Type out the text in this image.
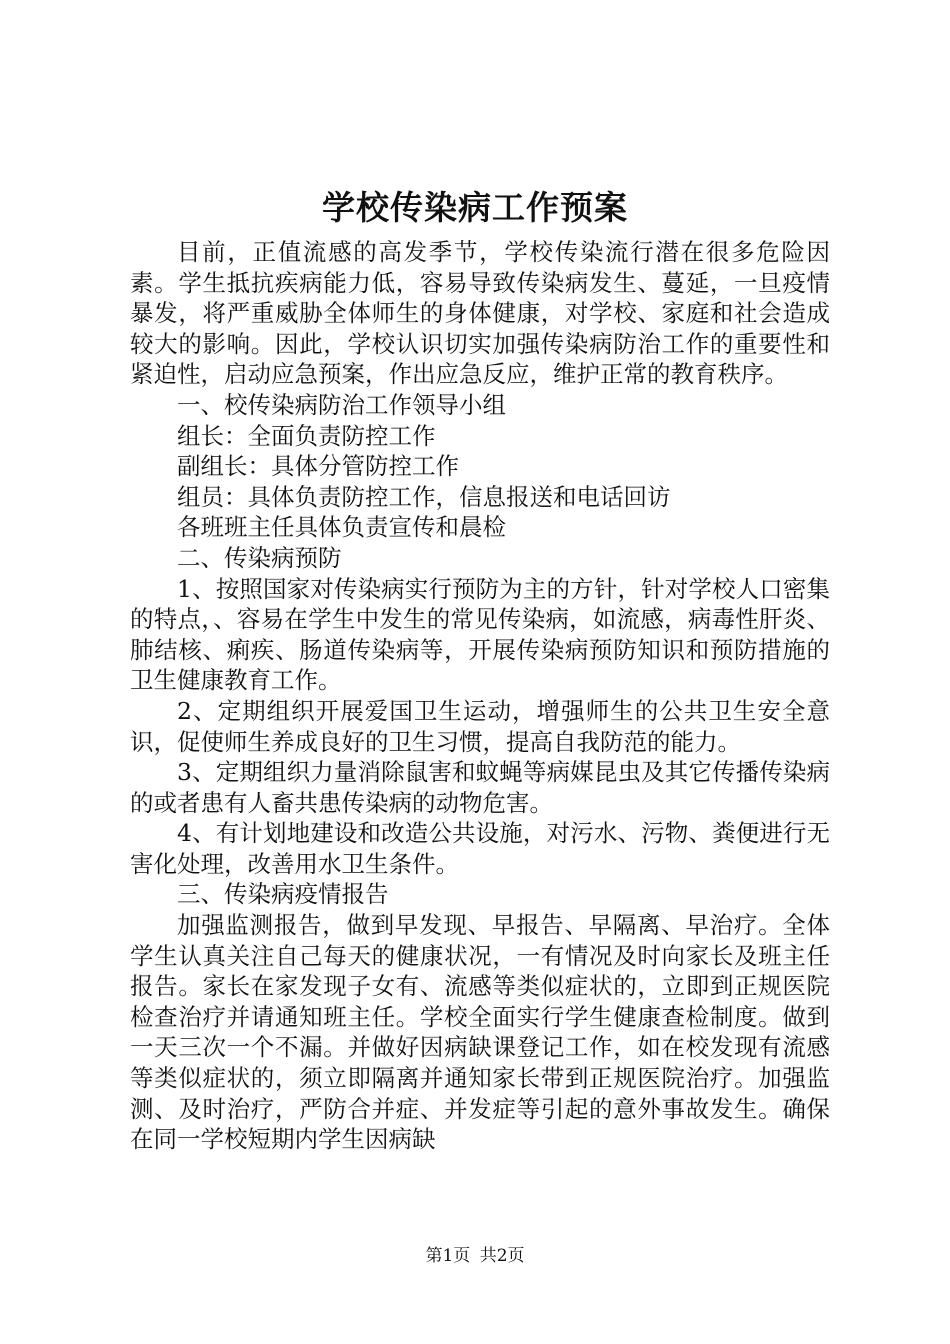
学校传染病工作预案

目前，正值流感的高发季节，学校传染流行潜在很多危险因素。学生抵抗疾病能力低，容易导致传染病发生、蔓延，一旦疫情暴发，将严重威胁全体师生的身体健康，对学校、家庭和社会造成较大的影响。因此，学校认识切实加强传染病防治工作的重要性和紧迫性，启动应急预案，作出应急反应，维护正常的教育秩序。

一、校传染病防治工作领导小组

组长：全面负责防控工作

副组长：具体分管防控工作

组员：具体负责防控工作，信息报送和电话回访

各班班主任具体负责宣传和晨检

二、传染病预防

1、按照国家对传染病实行预防为主的方针，针对学校人口密集的特点，、容易在学生中发生的常见传染病，如流感，病毒性肝炎、肺结核、痢疾、肠道传染病等，开展传染病预防知识和预防措施的卫生健康教育工作。

2、定期组织开展爱国卫生运动，增强师生的公共卫生安全意识，促使师生养成良好的卫生习惯，提高自我防范的能力。

3、定期组织力量消除鼠害和蚊蝇等病媒昆虫及其它传播传染病的或者患有人畜共患传染病的动物危害。

4、有计划地建设和改造公共设施，对污水、污物、粪便进行无害化处理，改善用水卫生条件。

三、传染病疫情报告

加强监测报告，做到早发现、早报告、早隔离、早治疗。全体学生认真关注自己每天的健康状况，一有情况及时向家长及班主任报告。家长在家发现子女有、流感等类似症状的，立即到正规医院检查治疗并请通知班主任。学校全面实行学生健康查检制度。做到一天三次一个不漏。并做好因病缺课登记工作，如在校发现有流感等类似症状的，须立即隔离并通知家长带到正规医院治疗。加强监测、及时治疗，严防合并症、并发症等引起的意外事故发生。确保在同一学校短期内学生因病缺

第1页 共2页
